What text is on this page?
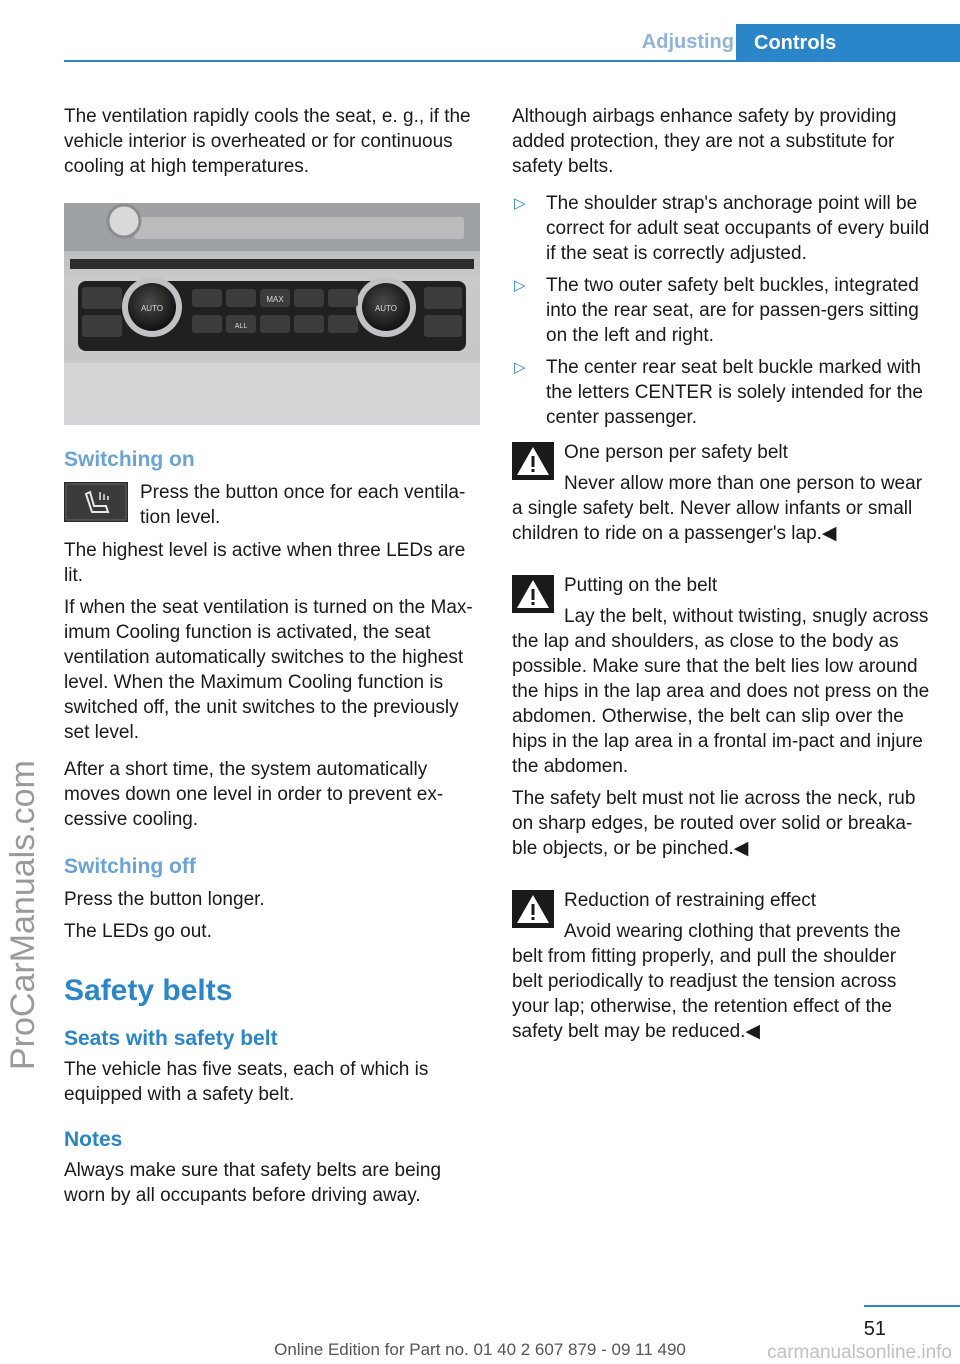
Adjusting	Controls
ProCarManuals.com

The ventilation rapidly cools the seat, e. g., if the vehicle interior is overheated or for continuous cooling at high temperatures.

AUTO	AUTO
MAX
ALL
Switching on

Press the button once for each ventila‐tion level.

The highest level is active when three LEDs are lit.

If when the seat ventilation is turned on the Max‐imum Cooling function is activated, the seat ventilation automatically switches to the highest level. When the Maximum Cooling function is switched off, the unit switches to the previously set level.

After a short time, the system automatically moves down one level in order to prevent ex‐cessive cooling.

Switching off

Press the button longer.

The LEDs go out.

Safety belts
Seats with safety belt

The vehicle has five seats, each of which is equipped with a safety belt.

Notes

Always make sure that safety belts are being worn by all occupants before driving away.

Although airbags enhance safety by providing added protection, they are not a substitute for safety belts.

▷ The shoulder strap's anchorage point will be correct for adult seat occupants of every build if the seat is correctly adjusted.
▷ The two outer safety belt buckles, integrated into the rear seat, are for passen‐gers sitting on the left and right.
▷ The center rear seat belt buckle marked with the letters CENTER is solely intended for the center passenger.

One person per safety belt

Never allow more than one person to wear a single safety belt. Never allow infants or small children to ride on a passenger's lap.◀

Putting on the belt

Lay the belt, without twisting, snugly across the lap and shoulders, as close to the body as possible. Make sure that the belt lies low around the hips in the lap area and does not press on the abdomen. Otherwise, the belt can slip over the hips in the lap area in a frontal im‐pact and injure the abdomen.

The safety belt must not lie across the neck, rub on sharp edges, be routed over solid or breaka‐ble objects, or be pinched.◀

Reduction of restraining effect

Avoid wearing clothing that prevents the belt from fitting properly, and pull the shoulder belt periodically to readjust the tension across your lap; otherwise, the retention effect of the safety belt may be reduced.◀

51
Online Edition for Part no. 01 40 2 607 879 - 09 11 490	carmanualsonline.info
